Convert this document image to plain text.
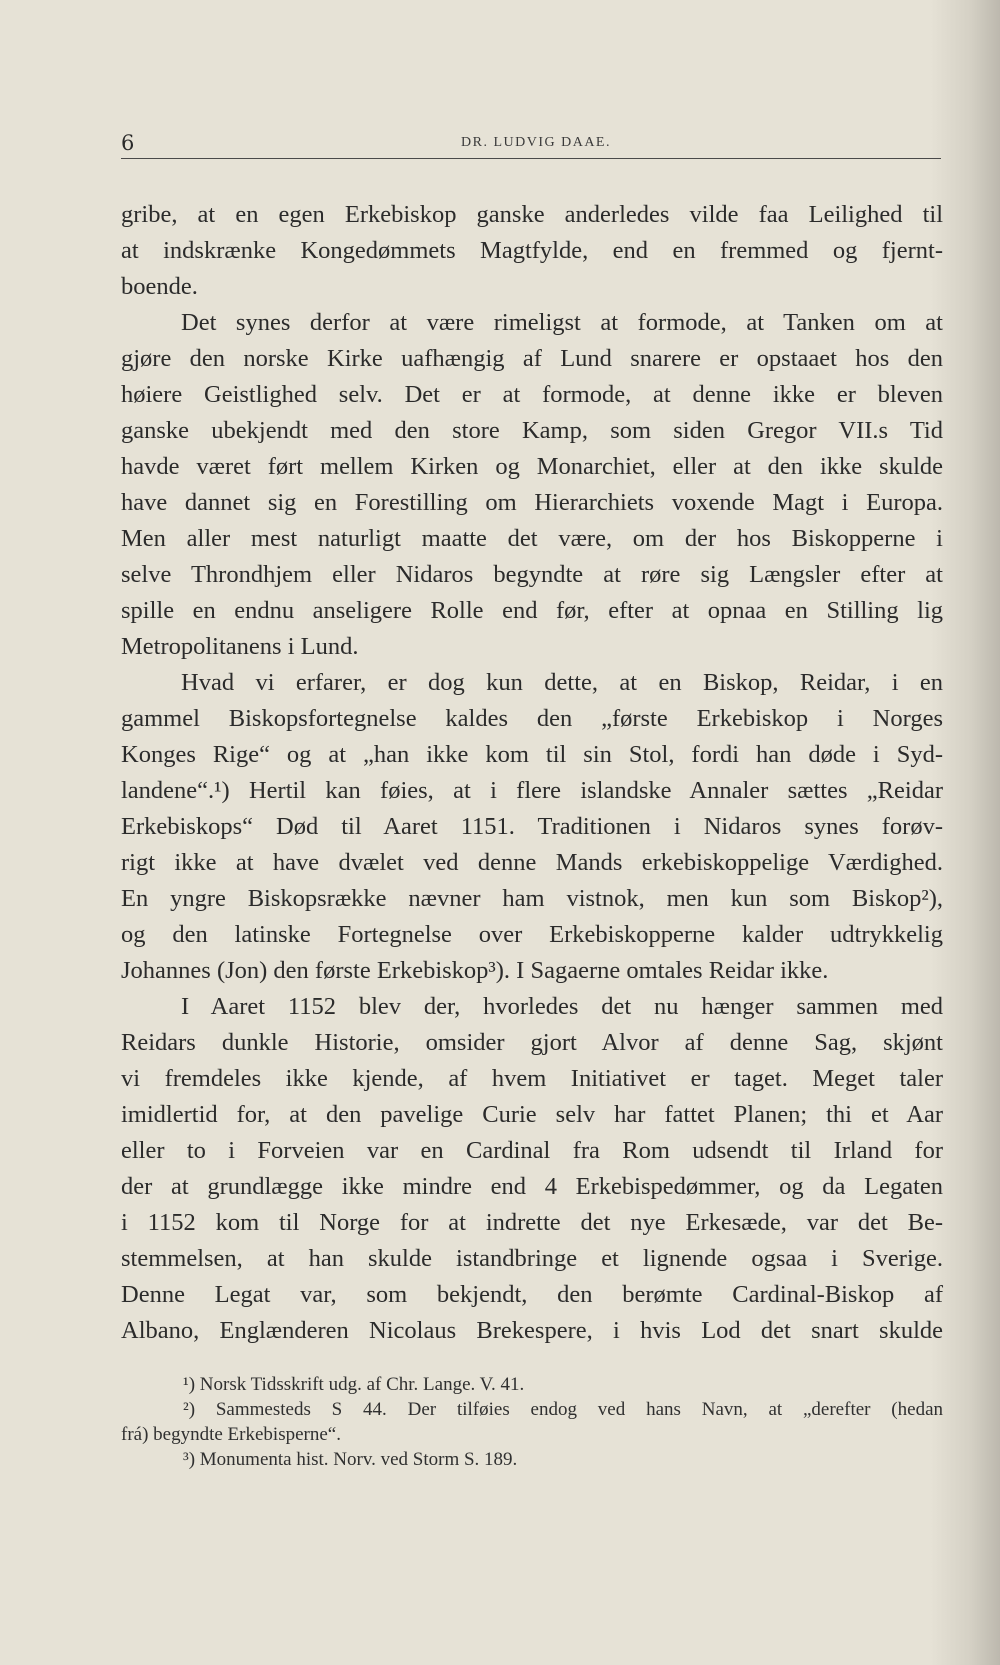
6	DR. LUDVIG DAAE.
gribe, at en egen Erkebiskop ganske anderledes vilde faa Leilighed til
at indskrænke Kongedømmets Magtfylde, end en fremmed og fjernt-
boende.
Det synes derfor at være rimeligst at formode, at Tanken om at
gjøre den norske Kirke uafhængig af Lund snarere er opstaaet hos den
høiere Geistlighed selv. Det er at formode, at denne ikke er bleven
ganske ubekjendt med den store Kamp, som siden Gregor VII.s Tid
havde været ført mellem Kirken og Monarchiet, eller at den ikke skulde
have dannet sig en Forestilling om Hierarchiets voxende Magt i Europa.
Men aller mest naturligt maatte det være, om der hos Biskopperne i
selve Throndhjem eller Nidaros begyndte at røre sig Længsler efter at
spille en endnu anseligere Rolle end før, efter at opnaa en Stilling lig
Metropolitanens i Lund.
Hvad vi erfarer, er dog kun dette, at en Biskop, Reidar, i en
gammel Biskopsfortegnelse kaldes den „første Erkebiskop i Norges
Konges Rige“ og at „han ikke kom til sin Stol, fordi han døde i Syd-
landene“.¹) Hertil kan føies, at i flere islandske Annaler sættes „Reidar
Erkebiskops“ Død til Aaret 1151. Traditionen i Nidaros synes forøv-
rigt ikke at have dvælet ved denne Mands erkebiskoppelige Værdighed.
En yngre Biskopsrække nævner ham vistnok, men kun som Biskop²),
og den latinske Fortegnelse over Erkebiskopperne kalder udtrykkelig
Johannes (Jon) den første Erkebiskop³). I Sagaerne omtales Reidar ikke.
I Aaret 1152 blev der, hvorledes det nu hænger sammen med
Reidars dunkle Historie, omsider gjort Alvor af denne Sag, skjønt
vi fremdeles ikke kjende, af hvem Initiativet er taget. Meget taler
imidlertid for, at den pavelige Curie selv har fattet Planen; thi et Aar
eller to i Forveien var en Cardinal fra Rom udsendt til Irland for
der at grundlægge ikke mindre end 4 Erkebispedømmer, og da Legaten
i 1152 kom til Norge for at indrette det nye Erkesæde, var det Be-
stemmelsen, at han skulde istandbringe et lignende ogsaa i Sverige.
Denne Legat var, som bekjendt, den berømte Cardinal-Biskop af
Albano, Englænderen Nicolaus Brekespere, i hvis Lod det snart skulde
¹) Norsk Tidsskrift udg. af Chr. Lange. V. 41.
²) Sammesteds S 44. Der tilføies endog ved hans Navn, at „derefter (hedan
frá) begyndte Erkebisperne“.
³) Monumenta hist. Norv. ved Storm S. 189.
